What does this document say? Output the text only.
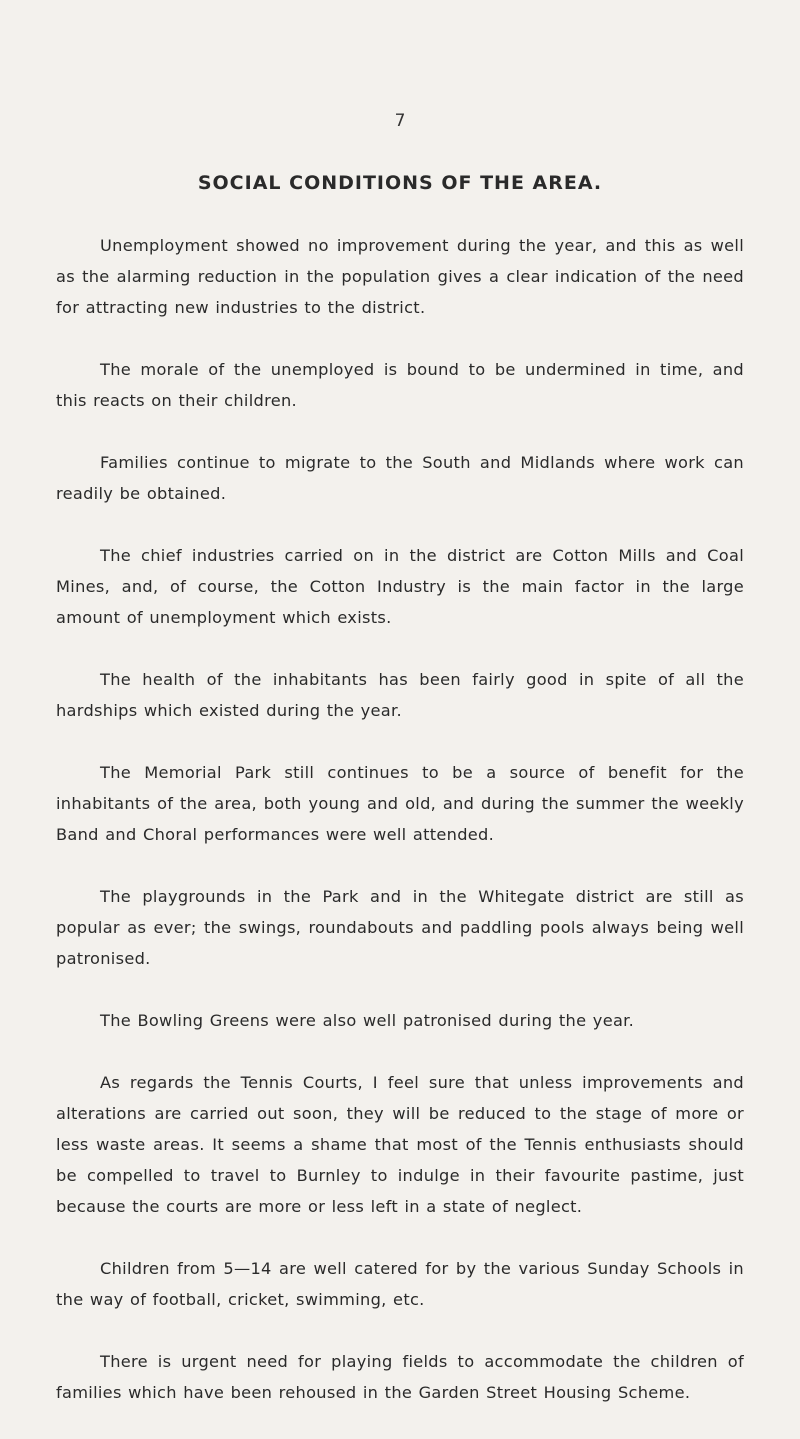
7
SOCIAL CONDITIONS OF THE AREA.

Unemployment showed no improvement during the year, and this as well as the alarming reduction in the population gives a clear indication of the need for attracting new industries to the district.

The morale of the unemployed is bound to be undermined in time, and this reacts on their children.

Families continue to migrate to the South and Midlands where work can readily be obtained.

The chief industries carried on in the district are Cotton Mills and Coal Mines, and, of course, the Cotton Industry is the main factor in the large amount of unemployment which exists.

The health of the inhabitants has been fairly good in spite of all the hardships which existed during the year.

The Memorial Park still continues to be a source of benefit for the inhabitants of the area, both young and old, and during the summer the weekly Band and Choral performances were well attended.

The playgrounds in the Park and in the Whitegate district are still as popular as ever; the swings, roundabouts and paddling pools always being well patronised.

The Bowling Greens were also well patronised during the year.

As regards the Tennis Courts, I feel sure that unless improvements and alterations are carried out soon, they will be reduced to the stage of more or less waste areas. It seems a shame that most of the Tennis enthusiasts should be compelled to travel to Burnley to indulge in their favourite pastime, just because the courts are more or less left in a state of neglect.

Children from 5—14 are well catered for by the various Sunday Schools in the way of football, cricket, swimming, etc.

There is urgent need for playing fields to accommodate the children of families which have been rehoused in the Garden Street Housing Scheme.
